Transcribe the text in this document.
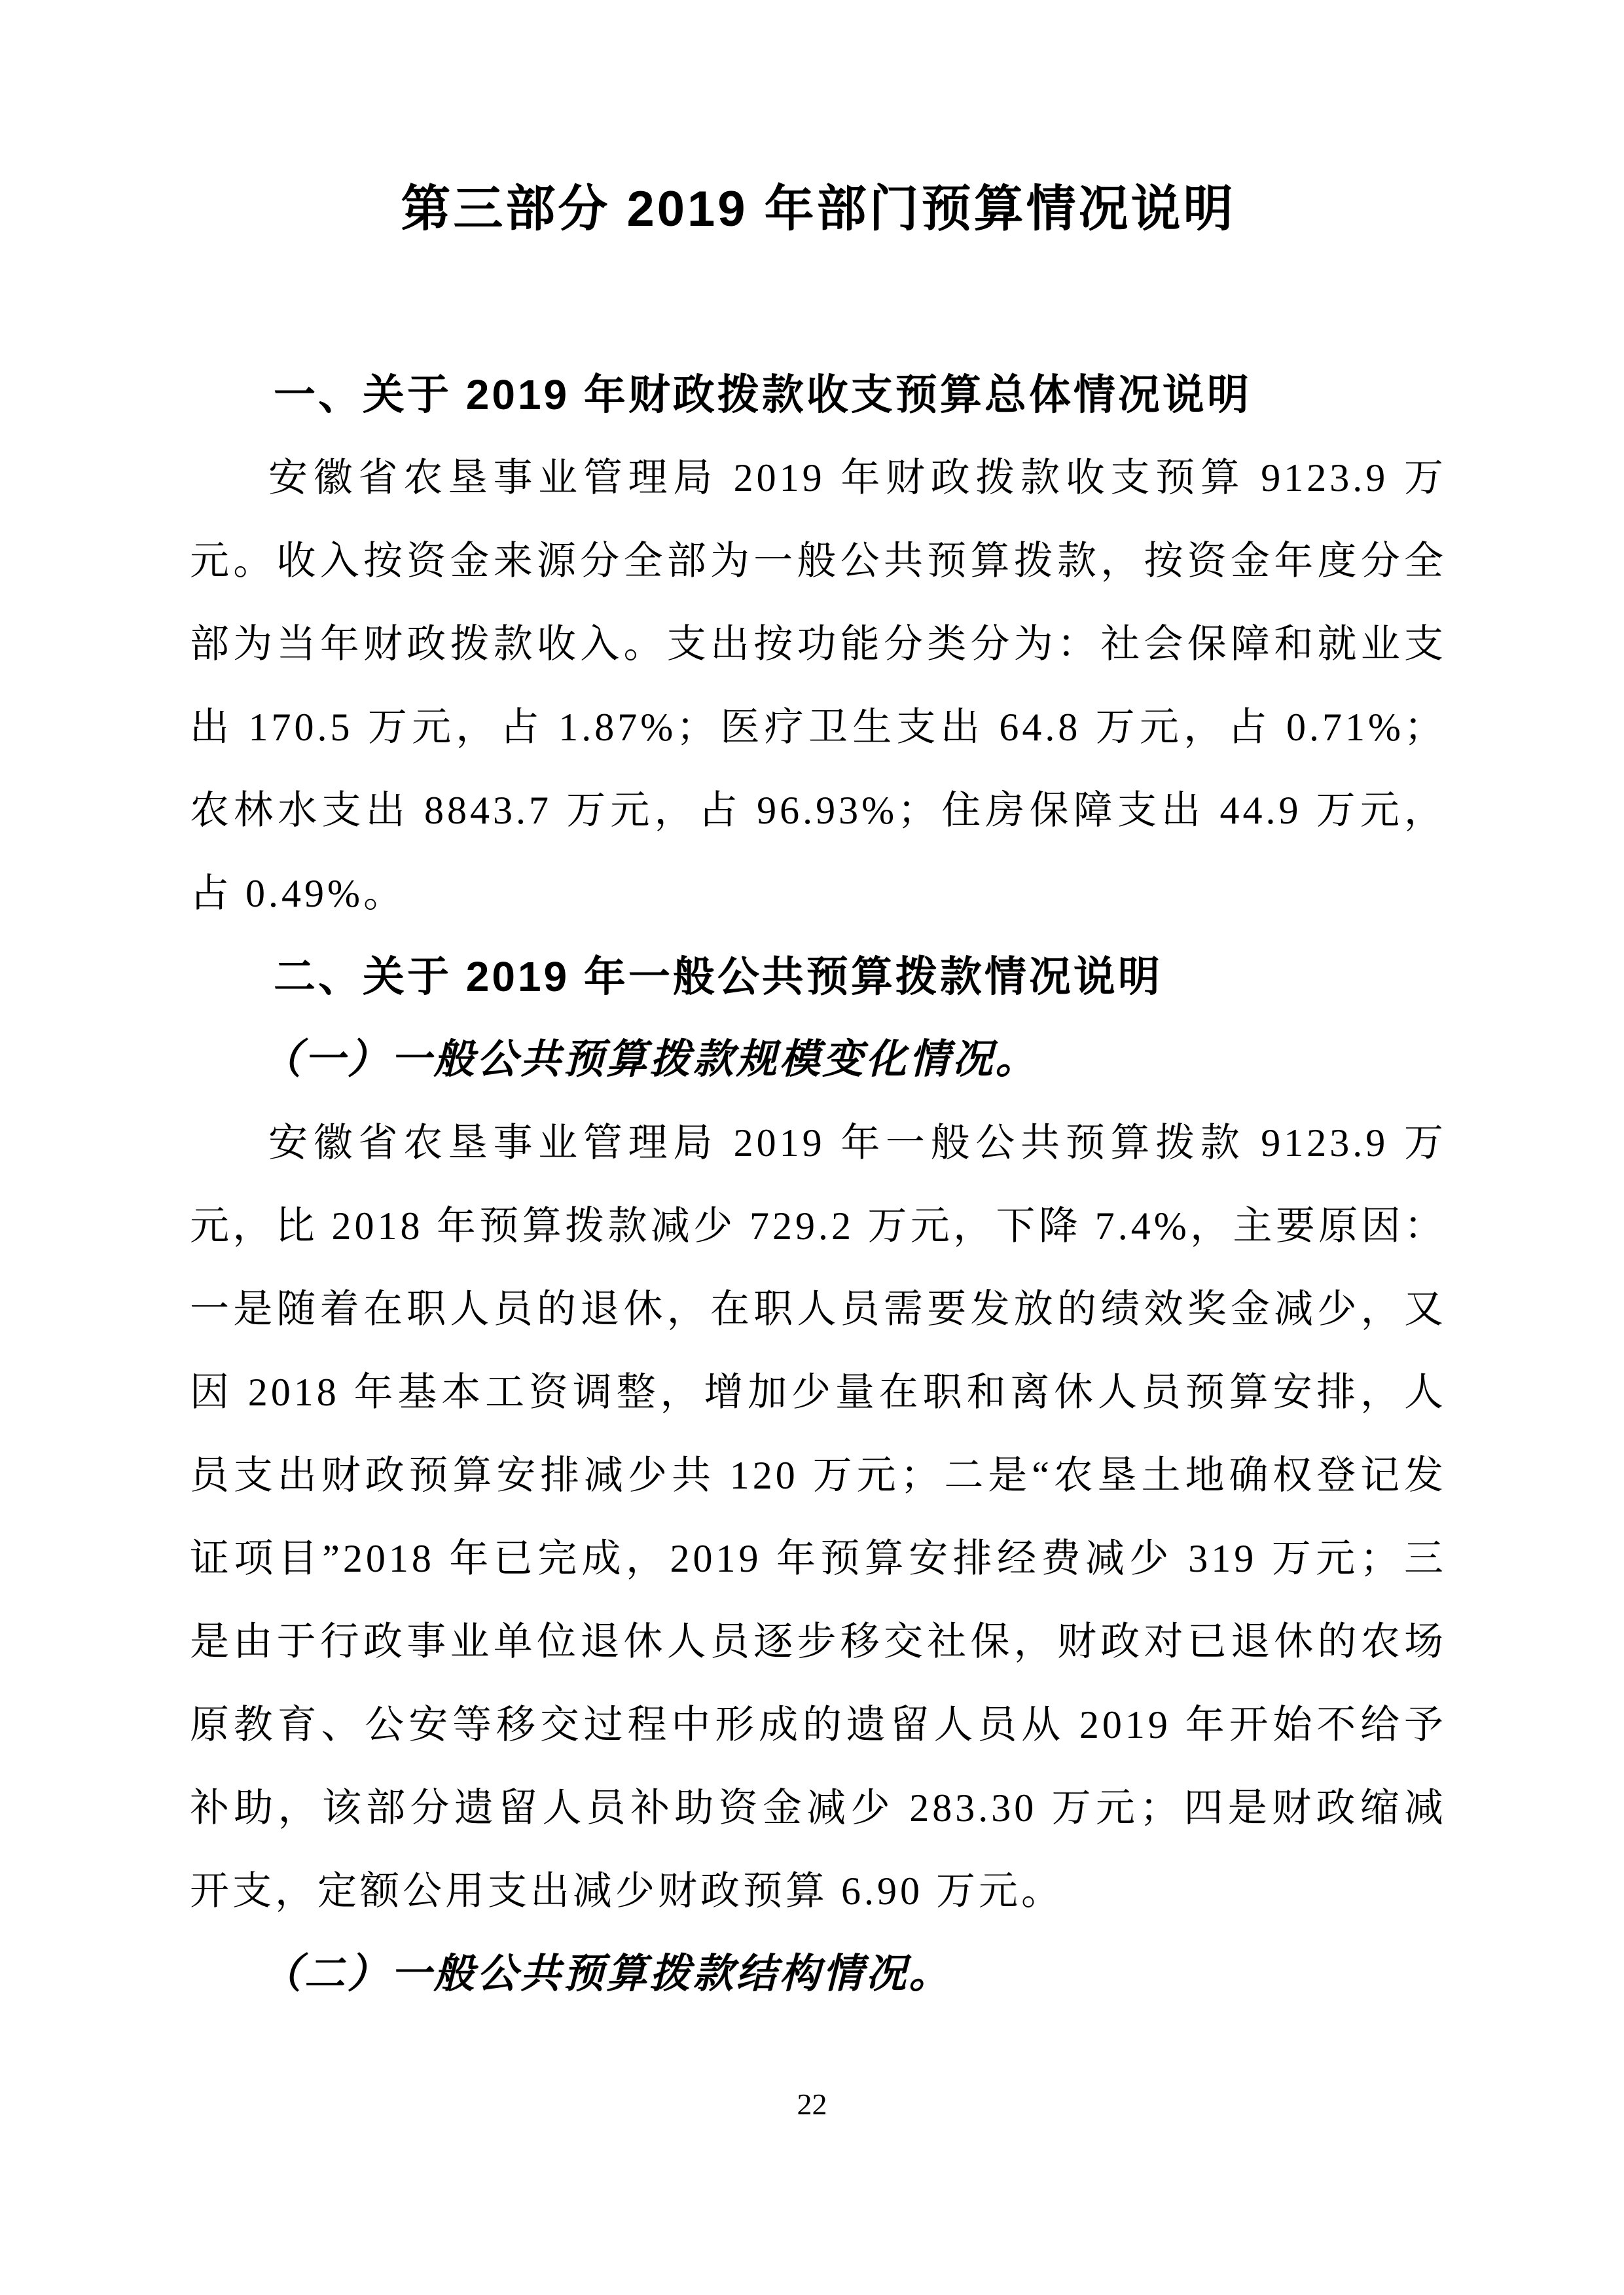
第三部分 2019 年部门预算情况说明
一、关于 2019 年财政拨款收支预算总体情况说明

安徽省农垦事业管理局 2019 年财政拨款收支预算 9123.9 万元。收入按资金来源分全部为一般公共预算拨款，按资金年度分全部为当年财政拨款收入。支出按功能分类分为：社会保障和就业支出 170.5 万元，占 1.87%；医疗卫生支出 64.8 万元，占 0.71%；农林水支出 8843.7 万元，占 96.93%；住房保障支出 44.9 万元，占 0.49%。

二、关于 2019 年一般公共预算拨款情况说明
（一）一般公共预算拨款规模变化情况。

安徽省农垦事业管理局 2019 年一般公共预算拨款 9123.9 万元，比 2018 年预算拨款减少 729.2 万元，下降 7.4%，主要原因：一是随着在职人员的退休，在职人员需要发放的绩效奖金减少，又因 2018 年基本工资调整，增加少量在职和离休人员预算安排，人员支出财政预算安排减少共 120 万元；二是“农垦土地确权登记发证项目”2018 年已完成，2019 年预算安排经费减少 319 万元；三是由于行政事业单位退休人员逐步移交社保，财政对已退休的农场原教育、公安等移交过程中形成的遗留人员从 2019 年开始不给予补助，该部分遗留人员补助资金减少 283.30 万元；四是财政缩减开支，定额公用支出减少财政预算 6.90 万元。

（二）一般公共预算拨款结构情况。
22
